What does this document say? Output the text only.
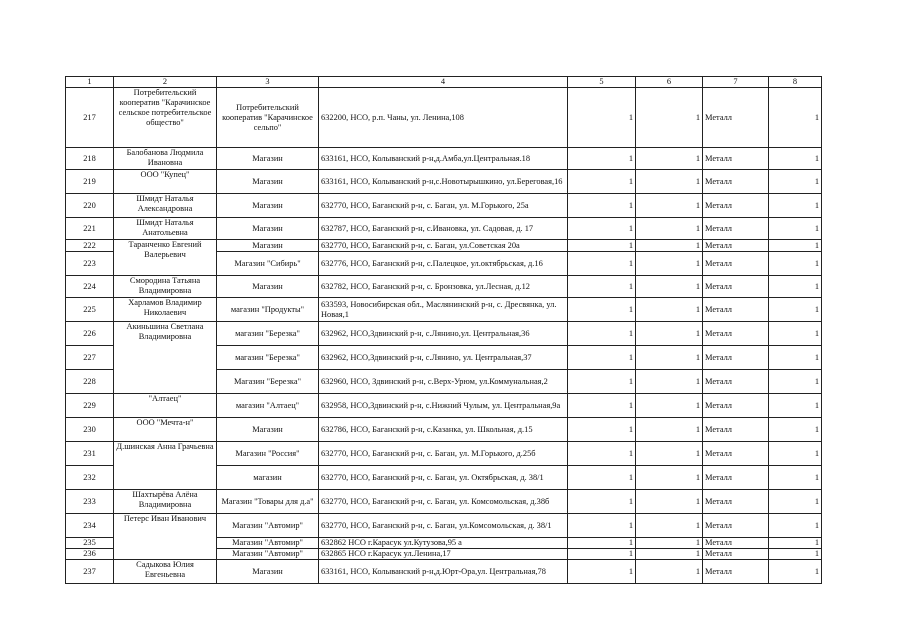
1	2	3	4	5	6	7	8
217	Потребительский кооператив "Карачинское сельское потребительское общество"	Потребительский кооператив "Карачинское сельпо"	632200, НСО, р.п. Чаны, ул. Ленина,108	1	1	Металл	1
218	Балобанова Людмила Ивановна	Магазин	633161, НСО, Колыванский р-н,д.Амба,ул.Центральная.18	1	1	Металл	1
219	ООО "Купец"	Магазин	633161, НСО, Колыванский р-н,с.Новотырышкино, ул.Береговая,16	1	1	Металл	1
220	Шмидт Наталья Александровна	Магазин	632770, НСО, Баганский р-н, с. Баган, ул. М.Горького, 25а	1	1	Металл	1
221	Шмидт Наталья Анатольевна	Магазин	632787, НСО, Баганский р-н, с.Ивановка, ул. Садовая, д. 17	1	1	Металл	1
222	Таранченко Евгений Валерьевич	Магазин	632770, НСО, Баганский р-н, с. Баган, ул.Советская 20а	1	1	Металл	1
223		Магазин "Сибирь"	632776, НСО, Баганский р-н, с.Палецкое, ул.октябрьская, д.16	1	1	Металл	1
224	Смородина Татьяна Владимировна	Магазин	632782, НСО, Баганский р-н, с. Бронзовка, ул.Лесная, д.12	1	1	Металл	1
225	Харламов Владимир Николаевич	магазин "Продукты"	633593, Новосибирская обл., Маслянинский р-н, с. Дресвянка, ул. Новая,1	1	1	Металл	1
226	Акиньшина Светлана Владимировна	магазин "Березка"	632962, НСО,Здвинский р-н, с.Лянино,ул. Центральная,36	1	1	Металл	1
227		магазин "Березка"	632962, НСО,Здвинский р-н, с.Лянино, ул. Центральная,37	1	1	Металл	1
228		Магазин "Березка"	632960, НСО, Здвинский р-н, с.Верх-Урюм, ул.Коммунальная,2	1	1	Металл	1
229	"Алтаец"	магазин "Алтаец"	632958, НСО,Здвинский р-н, с.Нижний Чулым, ул. Центральная,9а	1	1	Металл	1
230	ООО "Мечта-н"	Магазин	632786, НСО, Баганский р-н, с.Казанка, ул. Школьная, д.15	1	1	Металл	1
231	Д.шинская Анна Грачьевна	Магазин "Россия"	632770, НСО, Баганский р-н, с. Баган, ул. М.Горького, д.25б	1	1	Металл	1
232		магазин	632770, НСО, Баганский р-н, с. Баган, ул. Октябрьская, д. 38/1	1	1	Металл	1
233	Шахтырёва Алёна Владимировна	Магазин "Товары для д.а"	632770, НСО, Баганский р-н, с. Баган, ул. Комсомольская, д.38б	1	1	Металл	1
234	Петерс Иван Иванович	Магазин "Автомир"	632770, НСО, Баганский р-н, с. Баган, ул.Комсомольская, д. 38/1	1	1	Металл	1
235		Магазин "Автомир"	632862 НСО г.Карасук ул.Кутузова,95 а	1	1	Металл	1
236		Магазин "Автомир"	632865 НСО г.Карасук ул.Ленина,17	1	1	Металл	1
237	Садыкова Юлия Евгеньевна	Магазин	633161, НСО, Колыванский р-н,д.Юрт-Ора,ул. Центральная,78	1	1	Металл	1
